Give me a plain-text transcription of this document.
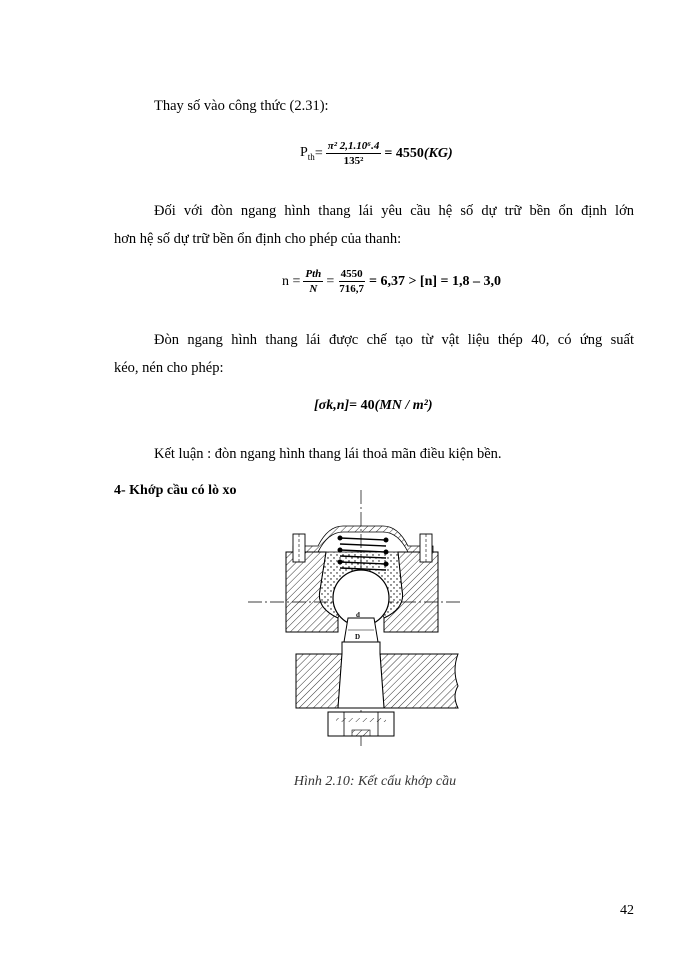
Thay số vào công thức (2.31):
$P_{th} = \frac{\text{π² 2,1.10⁶.4}}{\text{135²}} = 4550$ (KG)
Đối với đòn ngang hình thang lái yêu cầu hệ số dự trữ bền ổn định lớn
hơn hệ số dự trữ bền ổn định cho phép của thanh:
$n = \frac{\text{Pth}}{N} = \frac{4550}{716,7} = 6,37 > [n] = 1,8 - 3,0$
Đòn ngang hình thang lái được chế tạo từ vật liệu thép 40, có ứng suất
kéo, nén cho phép:
[σk,n] = 40 (MN / m²)
Kết luận : đòn ngang hình thang lái thoả mãn điều kiện bền.
4- Khớp cầu có lò xo
d
D
Hình 2.10: Kết cấu khớp cầu
42
